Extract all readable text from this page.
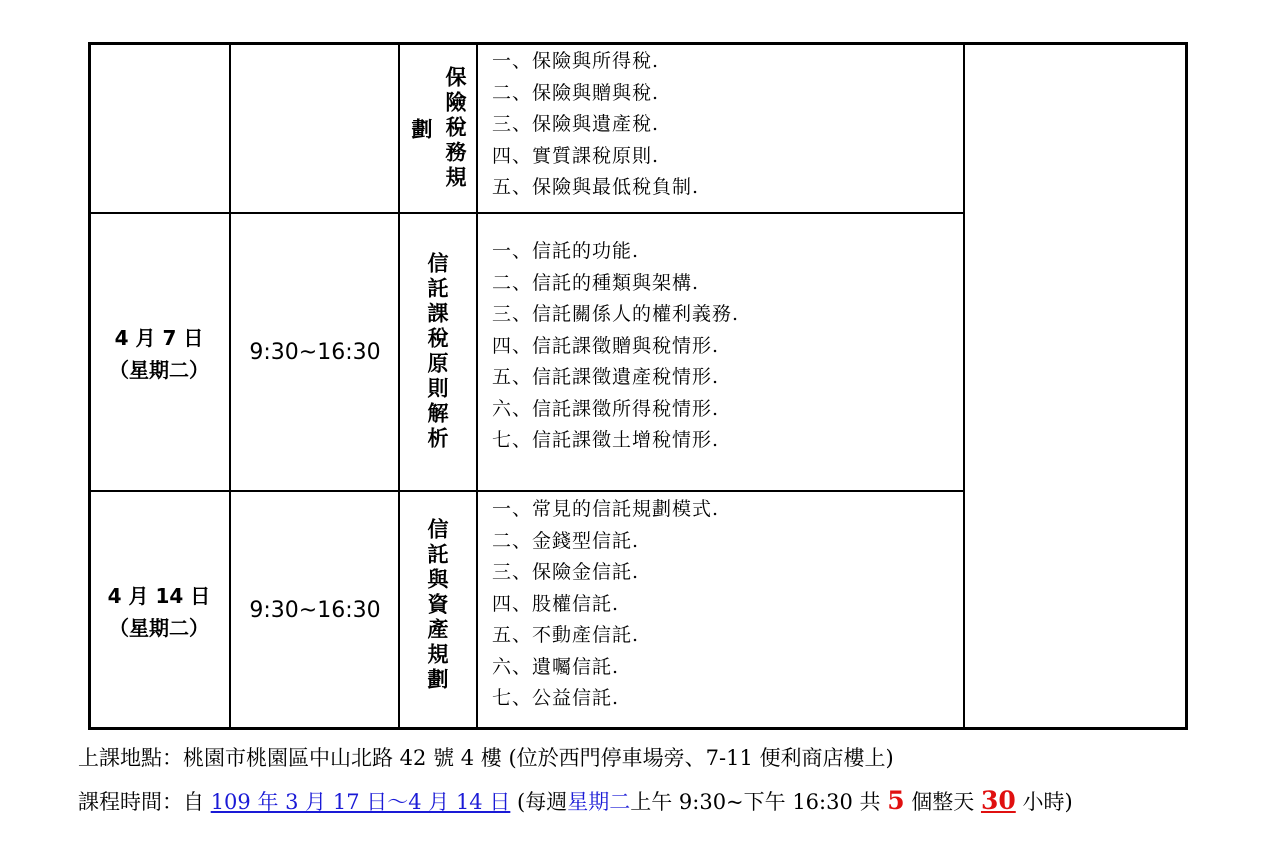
保險稅務規
劃
一、保險與所得稅.
二、保險與贈與稅.
三、保險與遺產稅.
四、實質課稅原則.
五、保險與最低稅負制.
4 月 7 日
（星期二）
9:30~16:30	信託課稅原則解析
一、信託的功能.
二、信託的種類與架構.
三、信託關係人的權利義務.
四、信託課徵贈與稅情形.
五、信託課徵遺產稅情形.
六、信託課徵所得稅情形.
七、信託課徵土增稅情形.
4 月 14 日
（星期二）
9:30~16:30	信託與資產規劃
一、常見的信託規劃模式.
二、金錢型信託.
三、保險金信託.
四、股權信託.
五、不動產信託.
六、遺囑信託.
七、公益信託.
上課地點：桃園市桃園區中山北路 42 號 4 樓 (位於西門停車場旁、7-11 便利商店樓上)
課程時間：自 109 年 3 月 17 日～4 月 14 日 (每週星期二上午 9:30~下午 16:30 共 5 個整天 30 小時)
